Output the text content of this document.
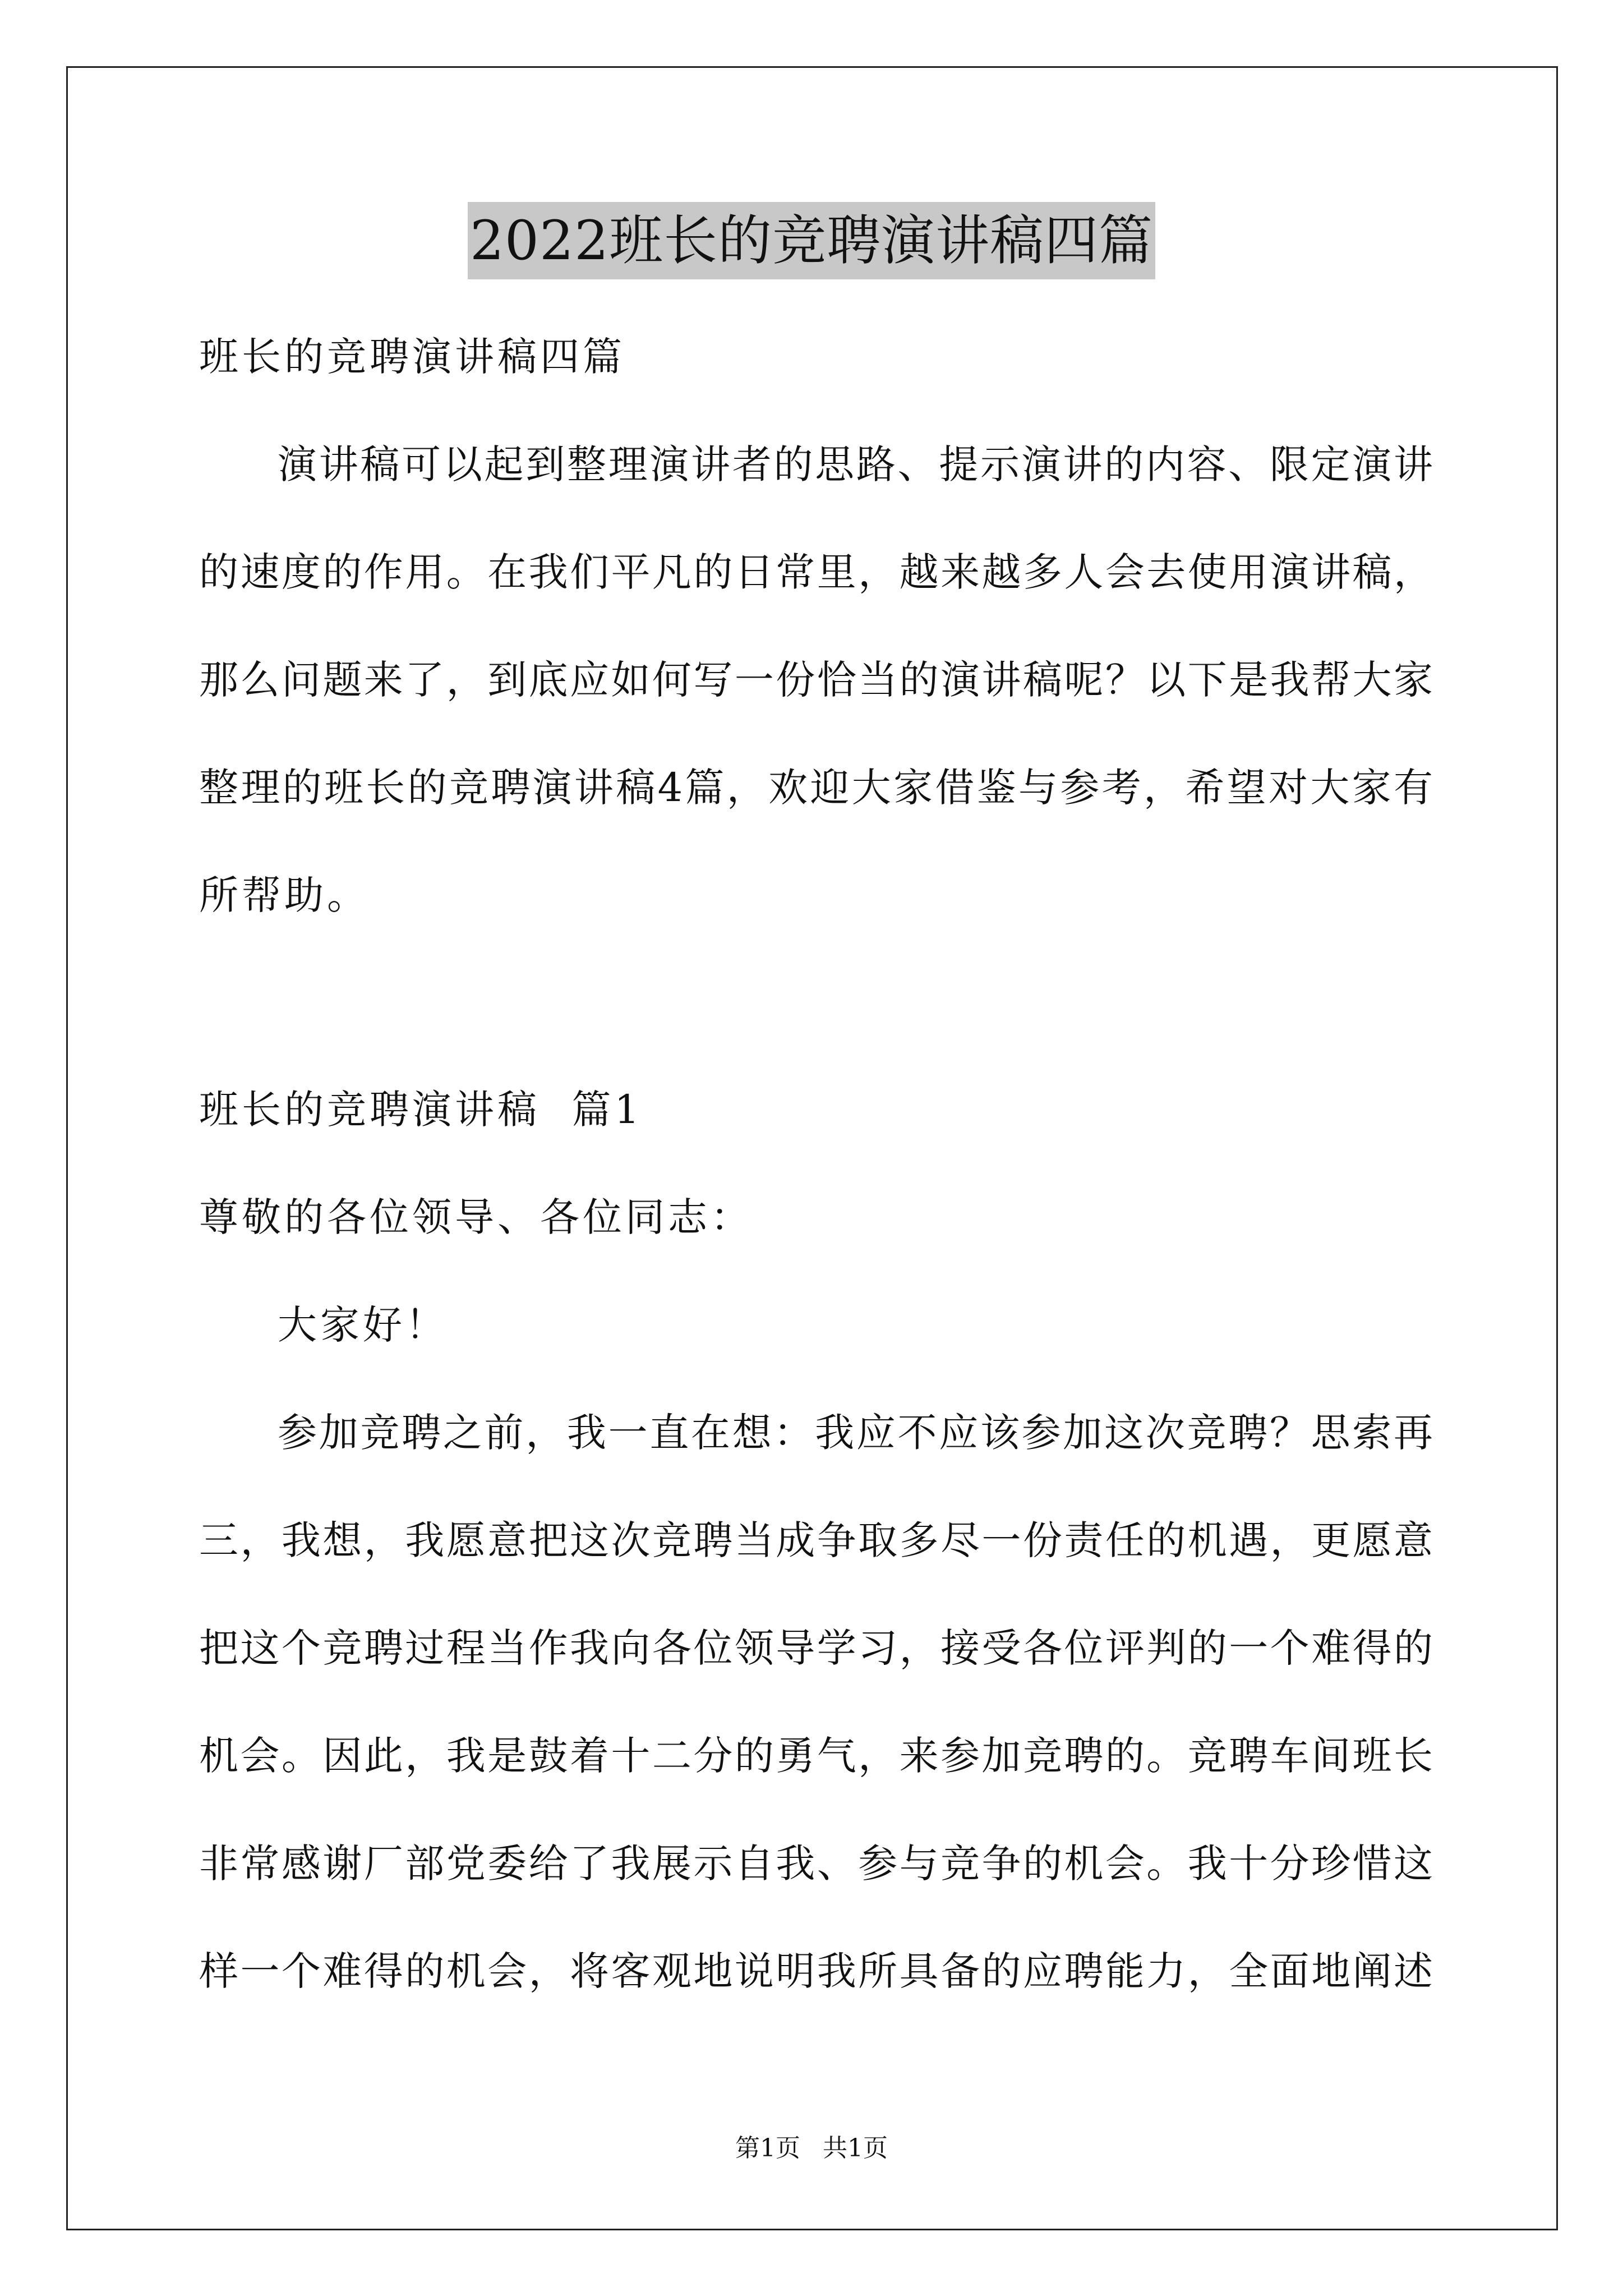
2022班长的竞聘演讲稿四篇
班长的竞聘演讲稿四篇
演讲稿可以起到整理演讲者的思路、提示演讲的内容、限定演讲
的速度的作用。在我们平凡的日常里，越来越多人会去使用演讲稿，
那么问题来了，到底应如何写一份恰当的演讲稿呢？以下是我帮大家
整理的班长的竞聘演讲稿4篇，欢迎大家借鉴与参考，希望对大家有
所帮助。
班长的竞聘演讲稿  篇1
尊敬的各位领导、各位同志：
大家好！
参加竞聘之前，我一直在想：我应不应该参加这次竞聘？思索再
三，我想，我愿意把这次竞聘当成争取多尽一份责任的机遇，更愿意
把这个竞聘过程当作我向各位领导学习，接受各位评判的一个难得的
机会。因此，我是鼓着十二分的勇气，来参加竞聘的。竞聘车间班长
非常感谢厂部党委给了我展示自我、参与竞争的机会。我十分珍惜这
样一个难得的机会，将客观地说明我所具备的应聘能力，全面地阐述
第1页 共1页
